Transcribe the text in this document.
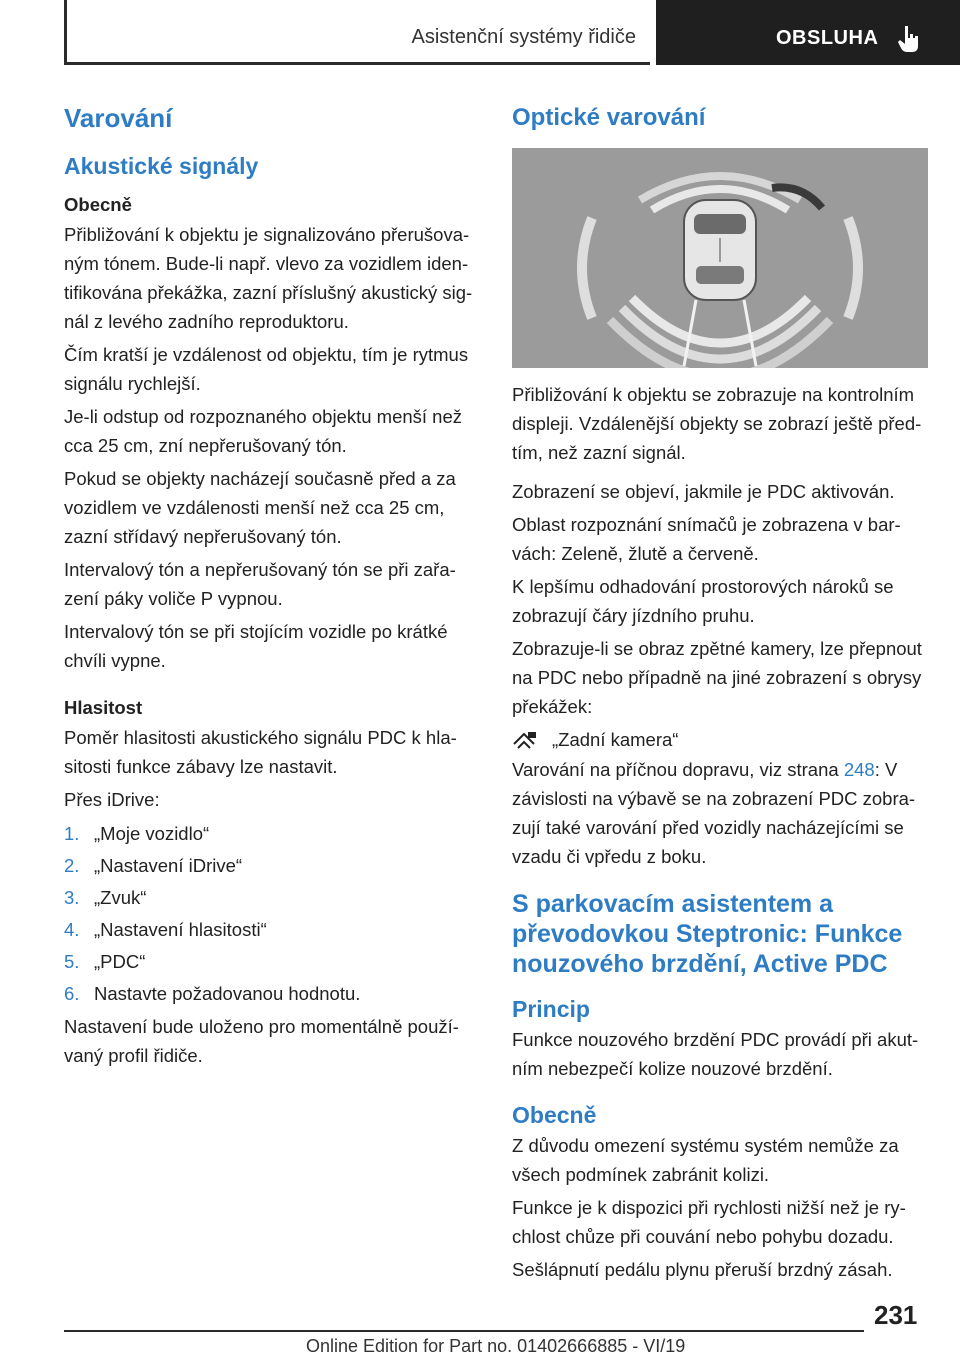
Asistenční systémy řidiče	OBSLUHA
Varování
Akustické signály
Obecně
Přibližování k objektu je signalizováno přerušovaným tónem. Bude-li např. vlevo za vozidlem identifikována překážka, zazní příslušný akustický signál z levého zadního reproduktoru.
Čím kratší je vzdálenost od objektu, tím je rytmus signálu rychlejší.
Je-li odstup od rozpoznaného objektu menší než cca 25 cm, zní nepřerušovaný tón.
Pokud se objekty nacházejí současně před a za vozidlem ve vzdálenosti menší než cca 25 cm, zazní střídavý nepřerušovaný tón.
Intervalový tón a nepřerušovaný tón se při zařazení páky voliče P vypnou.
Intervalový tón se při stojícím vozidle po krátké chvíli vypne.
Hlasitost
Poměr hlasitosti akustického signálu PDC k hlasitosti funkce zábavy lze nastavit.
Přes iDrive:
1. „Moje vozidlo“
2. „Nastavení iDrive“
3. „Zvuk“
4. „Nastavení hlasitosti“
5. „PDC“
6. Nastavte požadovanou hodnotu.
Nastavení bude uloženo pro momentálně používaný profil řidiče.
Optické varování
Přibližování k objektu se zobrazuje na kontrolním displeji. Vzdálenější objekty se zobrazí ještě předtím, než zazní signál.
Zobrazení se objeví, jakmile je PDC aktivován.
Oblast rozpoznání snímačů je zobrazena v barvách: Zeleně, žlutě a červeně.
K lepšímu odhadování prostorových nároků se zobrazují čáry jízdního pruhu.
Zobrazuje-li se obraz zpětné kamery, lze přepnout na PDC nebo případně na jiné zobrazení s obrysy překážek:
„Zadní kamera“
Varování na příčnou dopravu, viz strana 248: V závislosti na výbavě se na zobrazení PDC zobrazují také varování před vozidly nacházejícími se vzadu či vpředu z boku.
S parkovacím asistentem a převodovkou Steptronic: Funkce nouzového brzdění, Active PDC
Princip
Funkce nouzového brzdění PDC provádí při akutním nebezpečí kolize nouzové brzdění.
Obecně
Z důvodu omezení systému systém nemůže za všech podmínek zabránit kolizi.
Funkce je k dispozici při rychlosti nižší než je rychlost chůze při couvání nebo pohybu dozadu.
Sešlápnutí pedálu plynu přeruší brzdný zásah.
231
Online Edition for Part no. 01402666885 - VI/19
